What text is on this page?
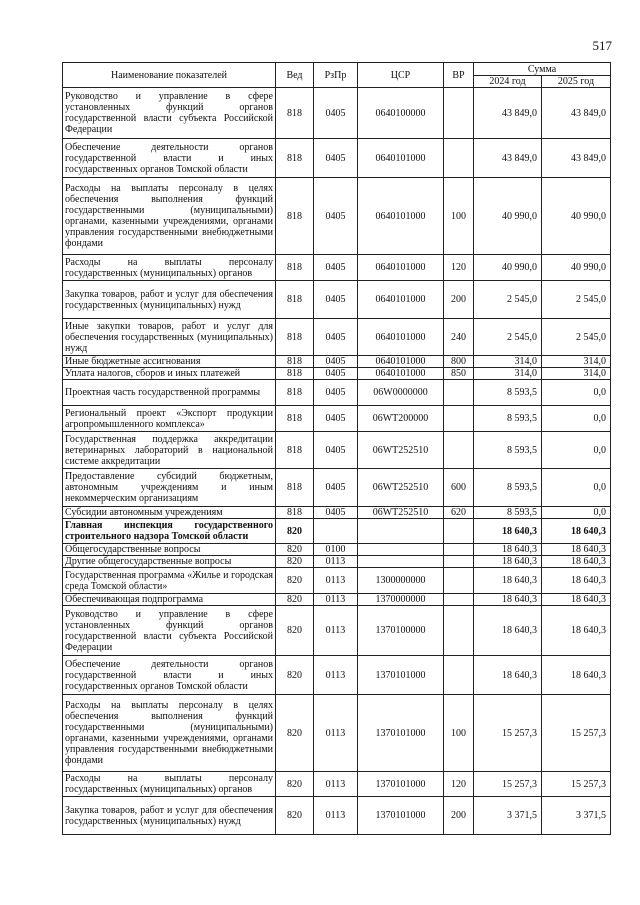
517
Наименование показателей	Вед	РзПр	ЦСР	ВР	Сумма	
					2024 год	2025 год
Руководство и управление в сфере установленных функций органов государственной власти субъекта Российской Федерации	818	0405	0640100000		43 849,0	43 849,0
Обеспечение деятельности органов государственной власти и иных государственных органов Томской области	818	0405	0640101000		43 849,0	43 849,0
Расходы на выплаты персоналу в целях обеспечения выполнения функций государственными (муниципальными) органами, казенными учреждениями, органами управления государственными внебюджетными фондами	818	0405	0640101000	100	40 990,0	40 990,0
Расходы на выплаты персоналу государственных (муниципальных) органов	818	0405	0640101000	120	40 990,0	40 990,0
Закупка товаров, работ и услуг для обеспечения государственных (муниципальных) нужд	818	0405	0640101000	200	2 545,0	2 545,0
Иные закупки товаров, работ и услуг для обеспечения государственных (муниципальных) нужд	818	0405	0640101000	240	2 545,0	2 545,0
Иные бюджетные ассигнования	818	0405	0640101000	800	314,0	314,0
Уплата налогов, сборов и иных платежей	818	0405	0640101000	850	314,0	314,0
Проектная часть государственной программы	818	0405	06W0000000		8 593,5	0,0
Региональный проект «Экспорт продукции агропромышленного комплекса»	818	0405	06WT200000		8 593,5	0,0
Государственная поддержка аккредитации ветеринарных лабораторий в национальной системе аккредитации	818	0405	06WT252510		8 593,5	0,0
Предоставление субсидий бюджетным, автономным учреждениям и иным некоммерческим организациям	818	0405	06WT252510	600	8 593,5	0,0
Субсидии автономным учреждениям	818	0405	06WT252510	620	8 593,5	0,0
Главная инспекция государственного строительного надзора Томской области	820				18 640,3	18 640,3
Общегосударственные вопросы	820	0100			18 640,3	18 640,3
Другие общегосударственные вопросы	820	0113			18 640,3	18 640,3
Государственная программа «Жилье и городская среда Томской области»	820	0113	1300000000		18 640,3	18 640,3
Обеспечивающая подпрограмма	820	0113	1370000000		18 640,3	18 640,3
Руководство и управление в сфере установленных функций органов государственной власти субъекта Российской Федерации	820	0113	1370100000		18 640,3	18 640,3
Обеспечение деятельности органов государственной власти и иных государственных органов Томской области	820	0113	1370101000		18 640,3	18 640,3
Расходы на выплаты персоналу в целях обеспечения выполнения функций государственными (муниципальными) органами, казенными учреждениями, органами управления государственными внебюджетными фондами	820	0113	1370101000	100	15 257,3	15 257,3
Расходы на выплаты персоналу государственных (муниципальных) органов	820	0113	1370101000	120	15 257,3	15 257,3
Закупка товаров, работ и услуг для обеспечения государственных (муниципальных) нужд	820	0113	1370101000	200	3 371,5	3 371,5
